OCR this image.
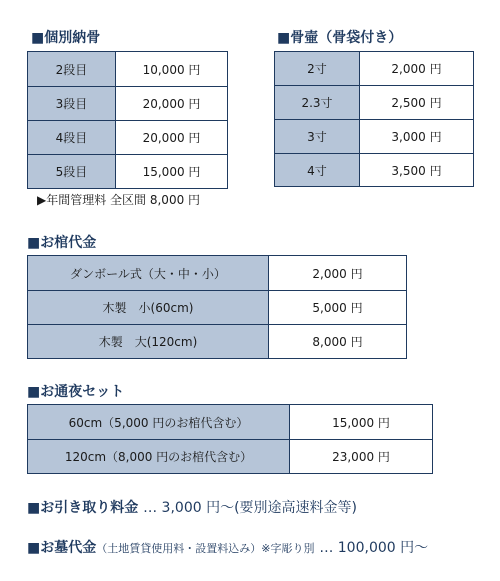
■個別納骨
2段目	10,000 円
3段目	20,000 円
4段目	20,000 円
5段目	15,000 円
▶年間管理料 全区間 8,000 円
■骨壷（骨袋付き）
2寸	2,000 円
2.3寸	2,500 円
3寸	3,000 円
4寸	3,500 円
■お棺代金
ダンボール式（大・中・小）	2,000 円
木製　小(60cm)	5,000 円
木製　大(120cm)	8,000 円
■お通夜セット
60cm（5,000 円のお棺代含む）	15,000 円
120cm（8,000 円のお棺代含む）	23,000 円
■お引き取り料金 … 3,000 円〜(要別途高速料金等)
■お墓代金（土地賃貸使用料・設置料込み）※字彫り別 … 100,000 円〜
